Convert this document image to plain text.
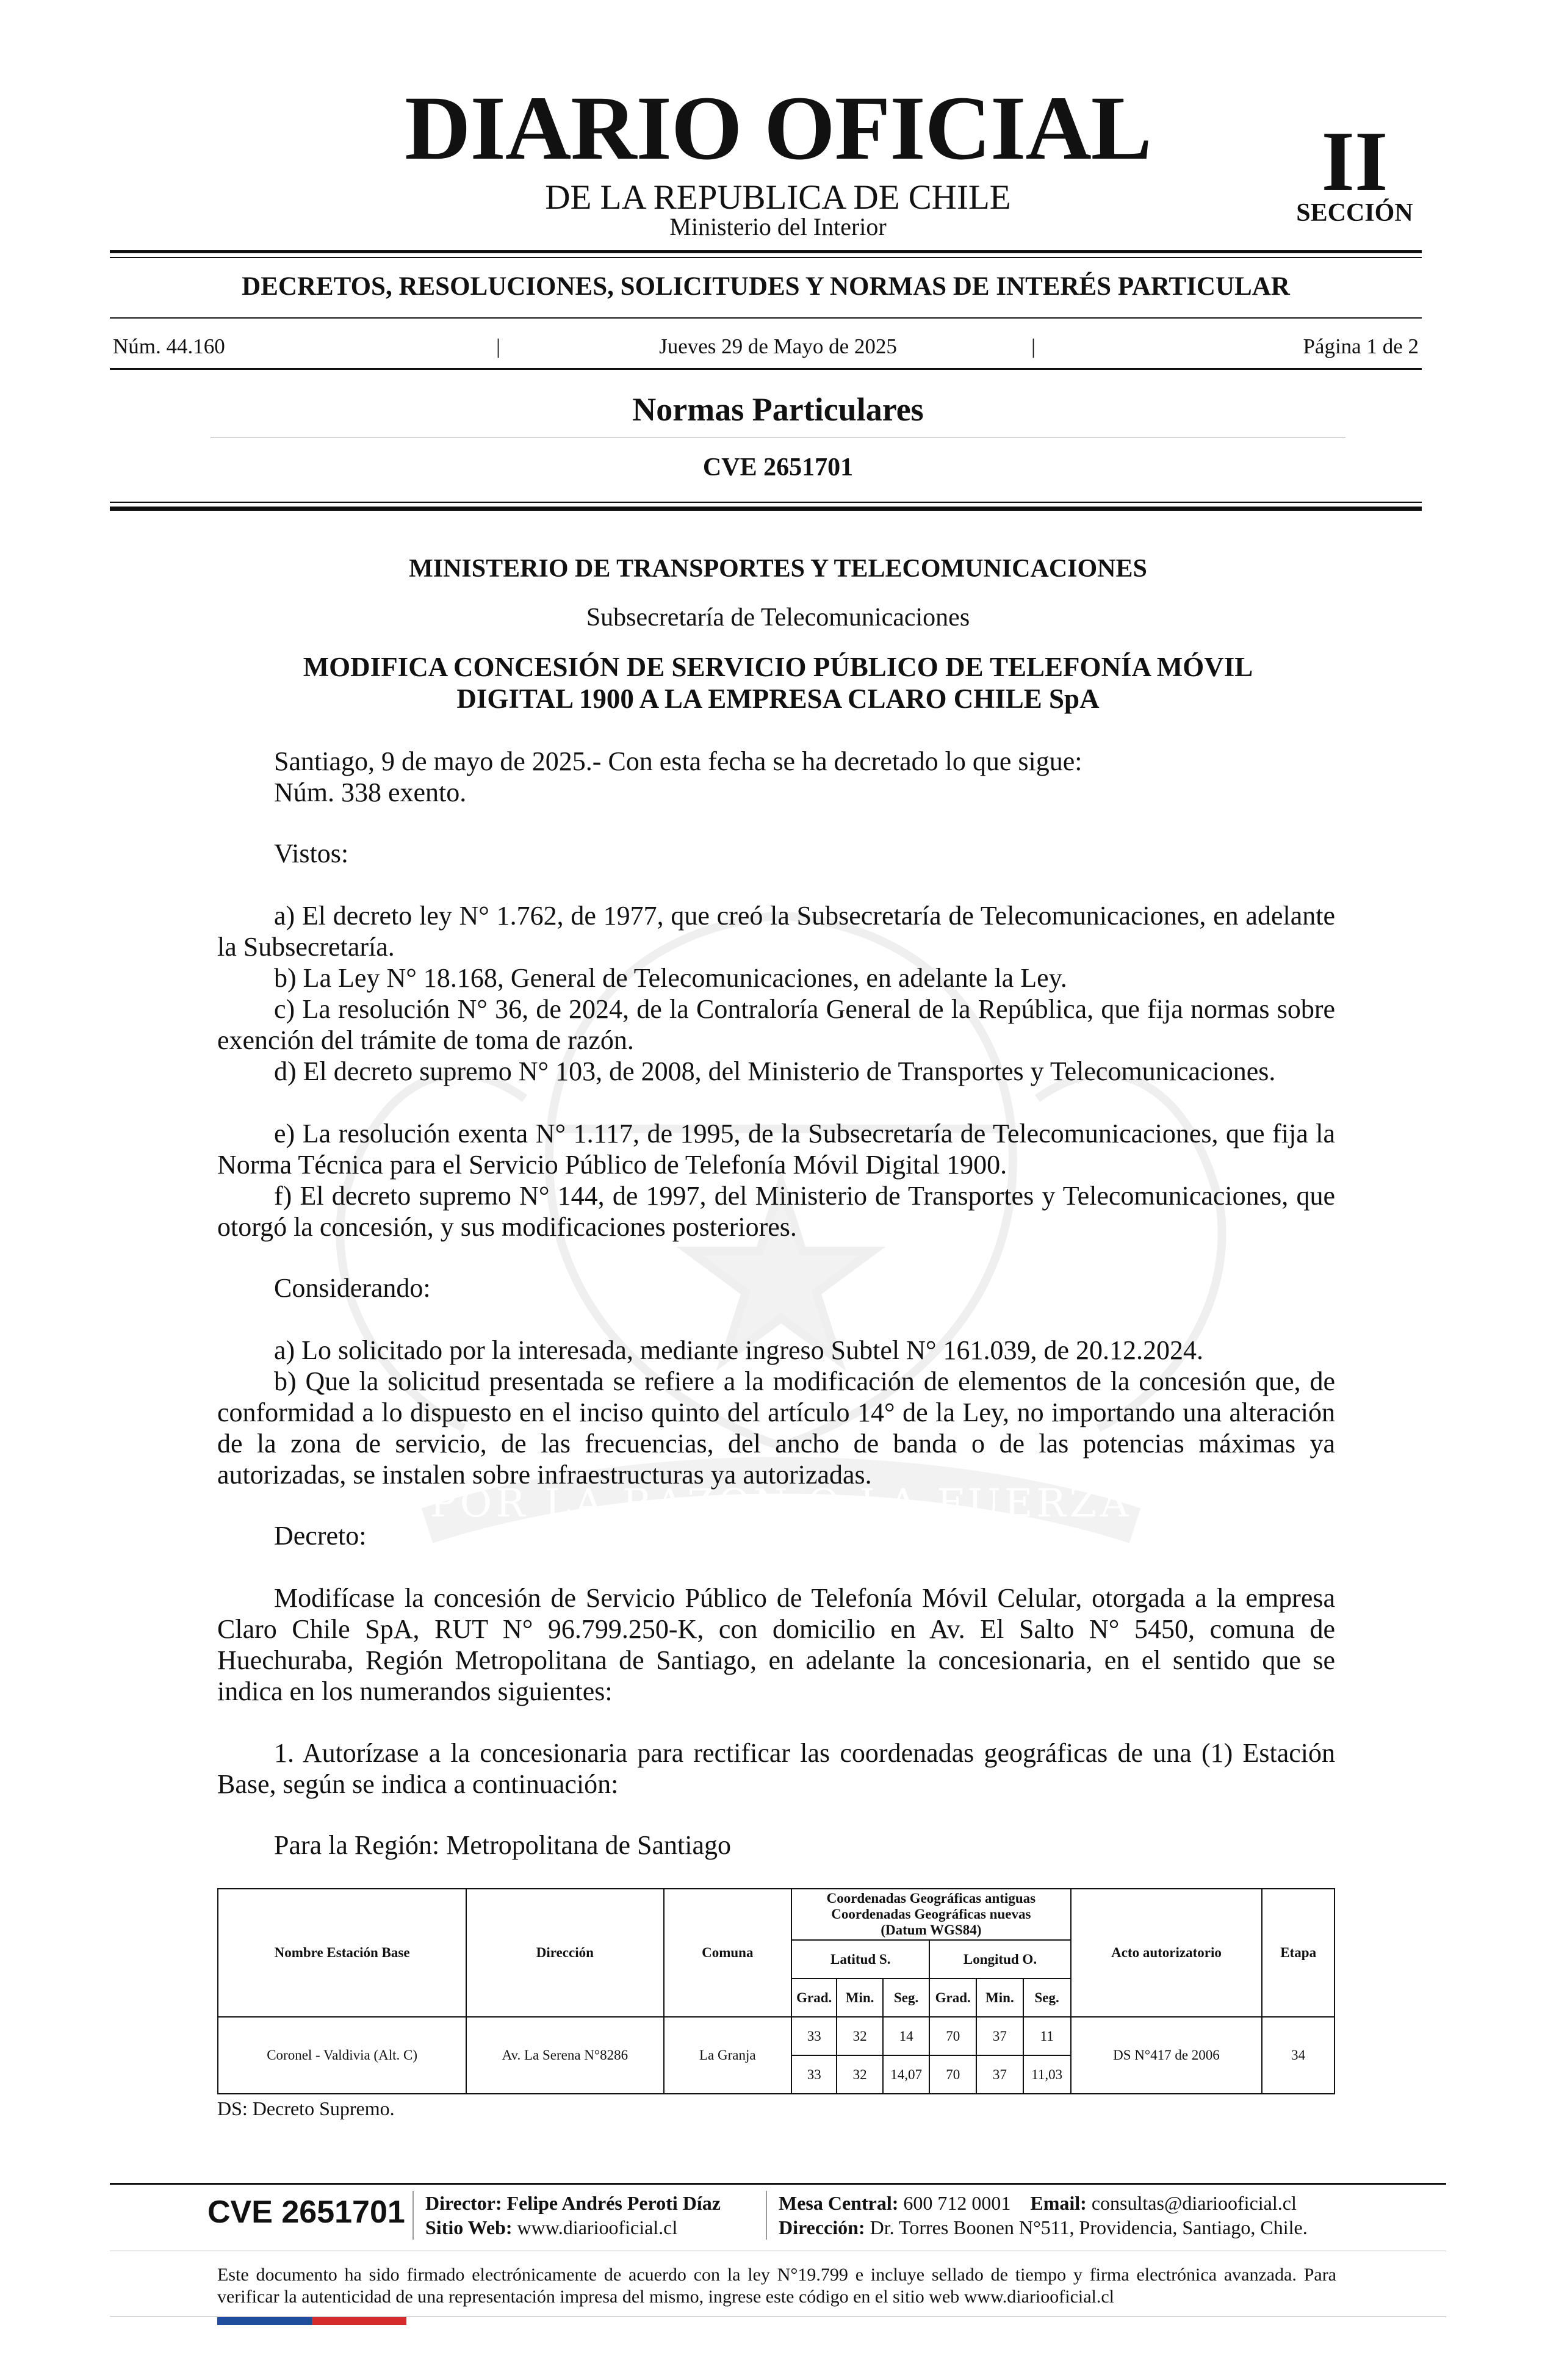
POR LA RAZON O LA FUERZA
DIARIO OFICIAL
DE LA REPUBLICA DE CHILE
Ministerio del Interior
II
SECCIÓN
DECRETOS, RESOLUCIONES, SOLICITUDES Y NORMAS DE INTERÉS PARTICULAR
Núm. 44.160	|	Jueves 29 de Mayo de 2025	|	Página 1 de 2
Normas Particulares
CVE 2651701
MINISTERIO DE TRANSPORTES Y TELECOMUNICACIONES
Subsecretaría de Telecomunicaciones
MODIFICA CONCESIÓN DE SERVICIO PÚBLICO DE TELEFONÍA MÓVIL
DIGITAL 1900 A LA EMPRESA CLARO CHILE SpA
Santiago, 9 de mayo de 2025.- Con esta fecha se ha decretado lo que sigue:
Núm. 338 exento.
Vistos:
a) El decreto ley N° 1.762, de 1977, que creó la Subsecretaría de Telecomunicaciones, en adelante la Subsecretaría.
b) La Ley N° 18.168, General de Telecomunicaciones, en adelante la Ley.
c) La resolución N° 36, de 2024, de la Contraloría General de la República, que fija normas sobre exención del trámite de toma de razón.
d) El decreto supremo N° 103, de 2008, del Ministerio de Transportes y Telecomunicaciones.
e) La resolución exenta N° 1.117, de 1995, de la Subsecretaría de Telecomunicaciones, que fija la Norma Técnica para el Servicio Público de Telefonía Móvil Digital 1900.
f) El decreto supremo N° 144, de 1997, del Ministerio de Transportes y Telecomunicaciones, que otorgó la concesión, y sus modificaciones posteriores.
Considerando:
a) Lo solicitado por la interesada, mediante ingreso Subtel N° 161.039, de 20.12.2024.
b) Que la solicitud presentada se refiere a la modificación de elementos de la concesión que, de conformidad a lo dispuesto en el inciso quinto del artículo 14° de la Ley, no importando una alteración de la zona de servicio, de las frecuencias, del ancho de banda o de las potencias máximas ya autorizadas, se instalen sobre infraestructuras ya autorizadas.
Decreto:
Modifícase la concesión de Servicio Público de Telefonía Móvil Celular, otorgada a la empresa Claro Chile SpA, RUT N° 96.799.250-K, con domicilio en Av. El Salto N° 5450, comuna de Huechuraba, Región Metropolitana de Santiago, en adelante la concesionaria, en el sentido que se indica en los numerandos siguientes:
1. Autorízase a la concesionaria para rectificar las coordenadas geográficas de una (1) Estación Base, según se indica a continuación:
Para la Región: Metropolitana de Santiago
Nombre Estación Base	Dirección	Comuna	Coordenadas Geográficas antiguas
Coordenadas Geográficas nuevas
(Datum WGS84)						Acto autorizatorio	Etapa
			Latitud S.			Longitud O.				
			Grad.	Min.	Seg.	Grad.	Min.	Seg.		
Coronel - Valdivia (Alt. C)	Av. La Serena N°8286	La Granja	33	32	14	70	37	11	DS N°417 de 2006	34
			33	32	14,07	70	37	11,03		
DS: Decreto Supremo.
CVE 2651701 Director: Felipe Andrés Peroti Díaz
Sitio Web: www.diariooficial.cl
Mesa Central: 600 712 0001 Email: consultas@diariooficial.cl
Dirección: Dr. Torres Boonen N°511, Providencia, Santiago, Chile.
Este documento ha sido firmado electrónicamente de acuerdo con la ley N°19.799 e incluye sellado de tiempo y firma electrónica avanzada. Para verificar la autenticidad de una representación impresa del mismo, ingrese este código en el sitio web www.diariooficial.cl
